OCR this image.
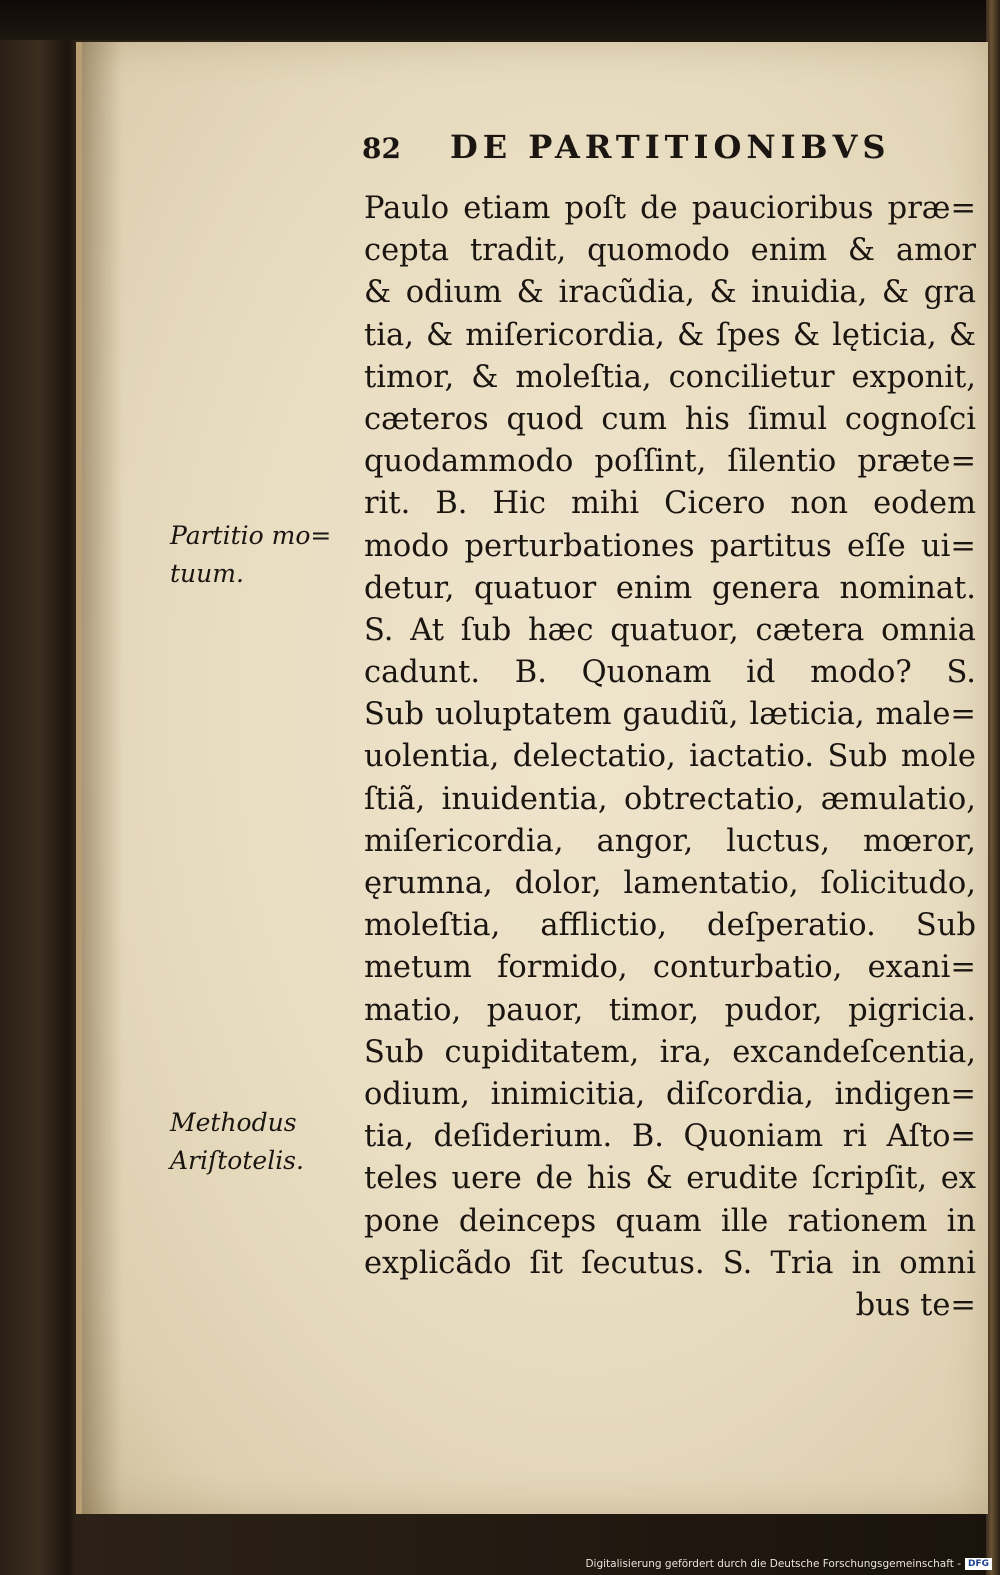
82 DE PARTITIONIBVS
Partitio mo=
tuum.
Methodus
Ariſtotelis.
Paulo etiam poſt de paucioribus præ=
cepta tradit, quomodo enim & amor
& odium & iracũdia, & inuidia, & gra
tia, & miſericordia, & ſpes & lęticia, &
timor, & moleſtia, concilietur exponit,
cæteros quod cum his ſimul cognoſci
quodammodo poſſint, ſilentio præte=
rit. B. Hic mihi Cicero non eodem
modo perturbationes partitus eſſe ui=
detur, quatuor enim genera nominat.
S. At ſub hæc quatuor, cætera omnia
cadunt. B. Quonam id modo? S.
Sub uoluptatem gaudiũ, læticia, male=
uolentia, delectatio, iactatio. Sub mole
ſtiã, inuidentia, obtrectatio, æmulatio,
miſericordia, angor, luctus, mœror,
ęrumna, dolor, lamentatio, ſolicitudo,
moleſtia, afflictio, deſperatio. Sub
metum formido, conturbatio, exani=
matio, pauor, timor, pudor, pigricia.
Sub cupiditatem, ira, excandeſcentia,
odium, inimicitia, diſcordia, indigen=
tia, deſiderium. B. Quoniam ri Aſto=
teles uere de his & erudite ſcripſit, ex
pone deinceps quam ille rationem in
explicãdo ſit ſecutus. S. Tria in omni
bus te=
Digitalisierung gefördert durch die Deutsche Forschungsgemeinschaft - DFG
